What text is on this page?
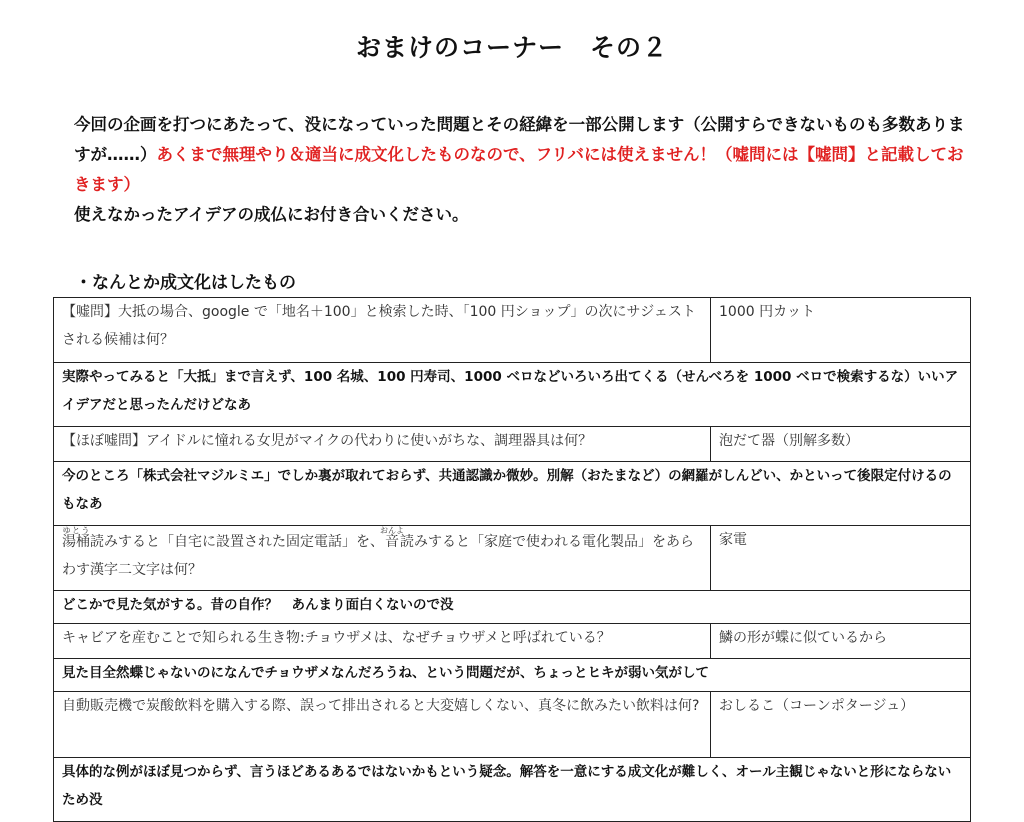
おまけのコーナー　その２

今回の企画を打つにあたって、没になっていった問題とその経緯を一部公開します（公開すらできないものも多数ありますが……）あくまで無理やり＆適当に成文化したものなので、フリバには使えません！（嘘問には【嘘問】と記載しておきます）

使えなかったアイデアの成仏にお付き合いください。

・なんとか成文化はしたもの
【嘘問】大抵の場合、google で「地名＋100」と検索した時、「100 円ショップ」の次にサジェストされる候補は何？	1000 円カット
実際やってみると「大抵」まで言えず、100 名城、100 円寿司、1000 ベロなどいろいろ出てくる（せんべろを 1000 ベロで検索するな）いいアイデアだと思ったんだけどなあ	
【ほぼ嘘問】アイドルに憧れる女児がマイクの代わりに使いがちな、調理器具は何？	泡だて器（別解多数）
今のところ「株式会社マジルミエ」でしか裏が取れておらず、共通認識か微妙。別解（おたまなど）の網羅がしんどい、かといって後限定付けるのもなあ	
湯桶ゆとう読みすると「自宅に設置された固定電話」を、音おんよ読みすると「家庭で使われる電化製品」をあらわす漢字二文字は何？	家電
どこかで見た気がする。昔の自作？　あんまり面白くないので没	
キャビアを産むことで知られる生き物:チョウザメは、なぜチョウザメと呼ばれている？	鱗の形が蝶に似ているから
見た目全然蝶じゃないのになんでチョウザメなんだろうね、という問題だが、ちょっとヒキが弱い気がして	
自動販売機で炭酸飲料を購入する際、誤って排出されると大変嬉しくない、真冬に飲みたい飲料は何?	おしるこ（コーンポタージュ）
具体的な例がほぼ見つからず、言うほどあるあるではないかもという疑念。解答を一意にする成文化が難しく、オール主観じゃないと形にならないため没	
